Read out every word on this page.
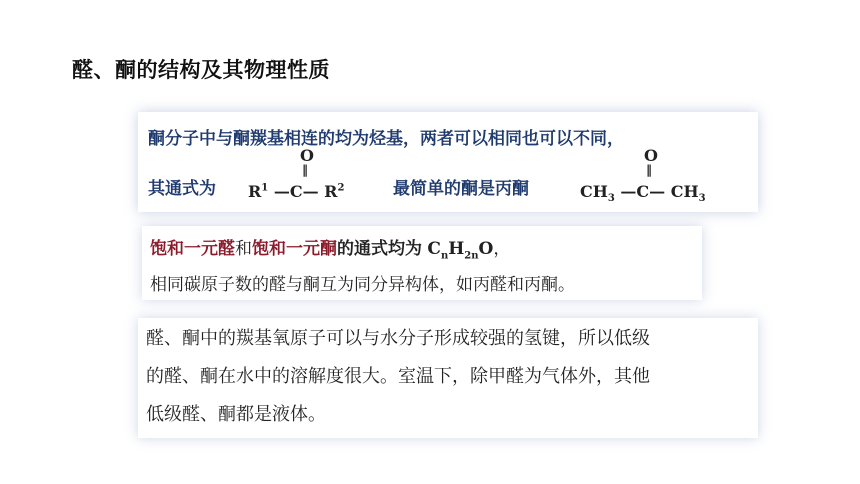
醛、酮的结构及其物理性质
酮分子中与酮羰基相连的均为烃基，两者可以相同也可以不同，
其通式为
O
‖
$R^1$ —C— $R^2$	最简单的酮是丙酮
O
‖
$CH_3$ —C— $CH_3$
饱和一元醛和饱和一元酮的通式均为 $C_nH_{2n}O$，
相同碳原子数的醛与酮互为同分异构体，如丙醛和丙酮。
醛、酮中的羰基氧原子可以与水分子形成较强的氢键，所以低级
的醛、酮在水中的溶解度很大。室温下，除甲醛为气体外，其他
低级醛、酮都是液体。
